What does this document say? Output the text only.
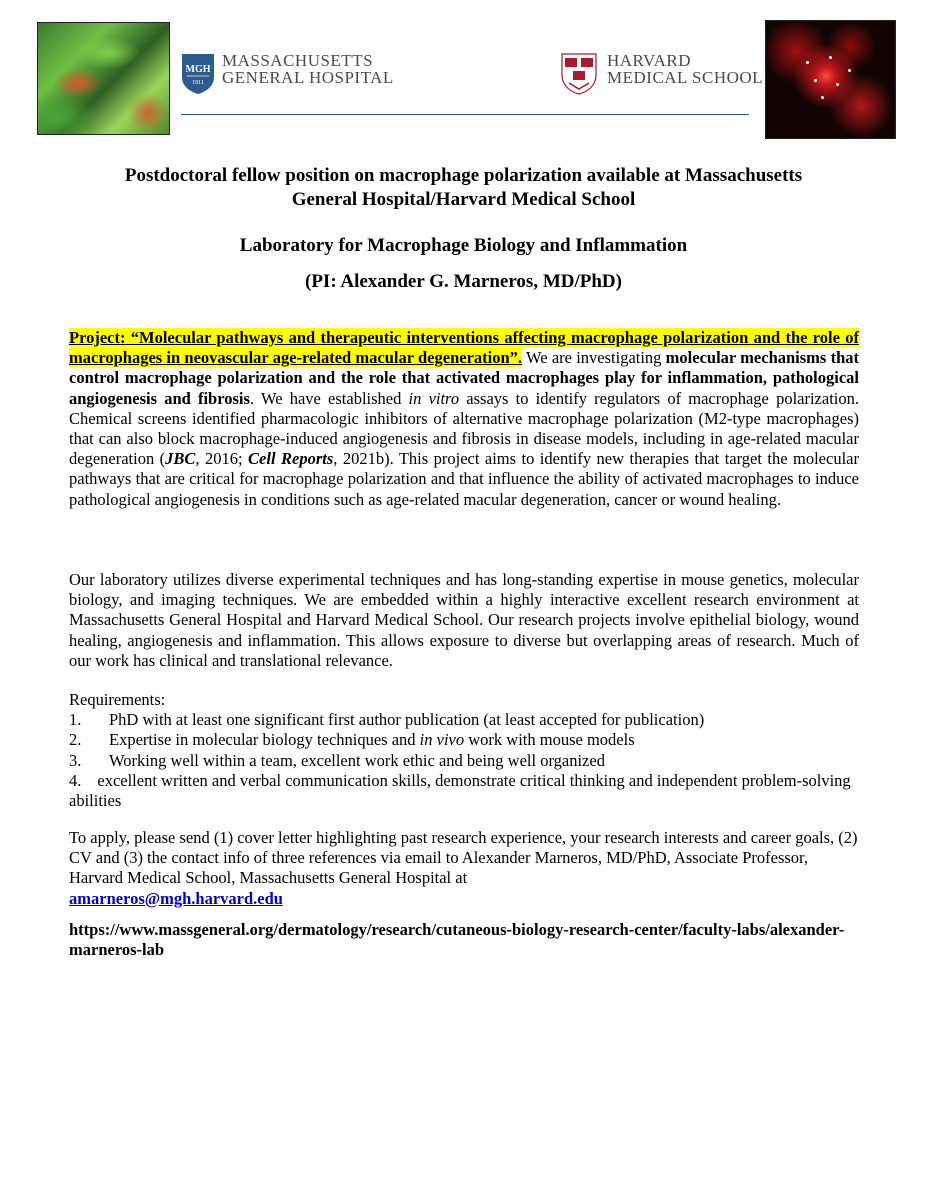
MGH
1811
MASSACHUSETTS
GENERAL HOSPITAL
HARVARD
MEDICAL SCHOOL
Postdoctoral fellow position on macrophage polarization available at Massachusetts
General Hospital/Harvard Medical School
Laboratory for Macrophage Biology and Inflammation
(PI: Alexander G. Marneros, MD/PhD)
Project: “Molecular pathways and therapeutic interventions affecting macrophage polarization and the role of macrophages in neovascular age-related macular degeneration”. We are investigating molecular mechanisms that control macrophage polarization and the role that activated macrophages play for inflammation, pathological angiogenesis and fibrosis. We have established in vitro assays to identify regulators of macrophage polarization. Chemical screens identified pharmacologic inhibitors of alternative macrophage polarization (M2-type macrophages) that can also block macrophage-induced angiogenesis and fibrosis in disease models, including in age-related macular degeneration (JBC, 2016; Cell Reports, 2021b). This project aims to identify new therapies that target the molecular pathways that are critical for macrophage polarization and that influence the ability of activated macrophages to induce pathological angiogenesis in conditions such as age-related macular degeneration, cancer or wound healing.
Our laboratory utilizes diverse experimental techniques and has long-standing expertise in mouse genetics, molecular biology, and imaging techniques. We are embedded within a highly interactive excellent research environment at Massachusetts General Hospital and Harvard Medical School. Our research projects involve epithelial biology, wound healing, angiogenesis and inflammation. This allows exposure to diverse but overlapping areas of research. Much of our work has clinical and translational relevance.
Requirements:
1. PhD with at least one significant first author publication (at least accepted for publication)
2. Expertise in molecular biology techniques and in vivo work with mouse models
3. Working well within a team, excellent work ethic and being well organized
4. excellent written and verbal communication skills, demonstrate critical thinking and independent problem-solving abilities
To apply, please send (1) cover letter highlighting past research experience, your research interests and career goals, (2) CV and (3) the contact info of three references via email to Alexander Marneros, MD/PhD, Associate Professor, Harvard Medical School, Massachusetts General Hospital at
amarneros@mgh.harvard.edu
https://www.massgeneral.org/dermatology/research/cutaneous-biology-research-center/faculty-labs/alexander-marneros-lab
